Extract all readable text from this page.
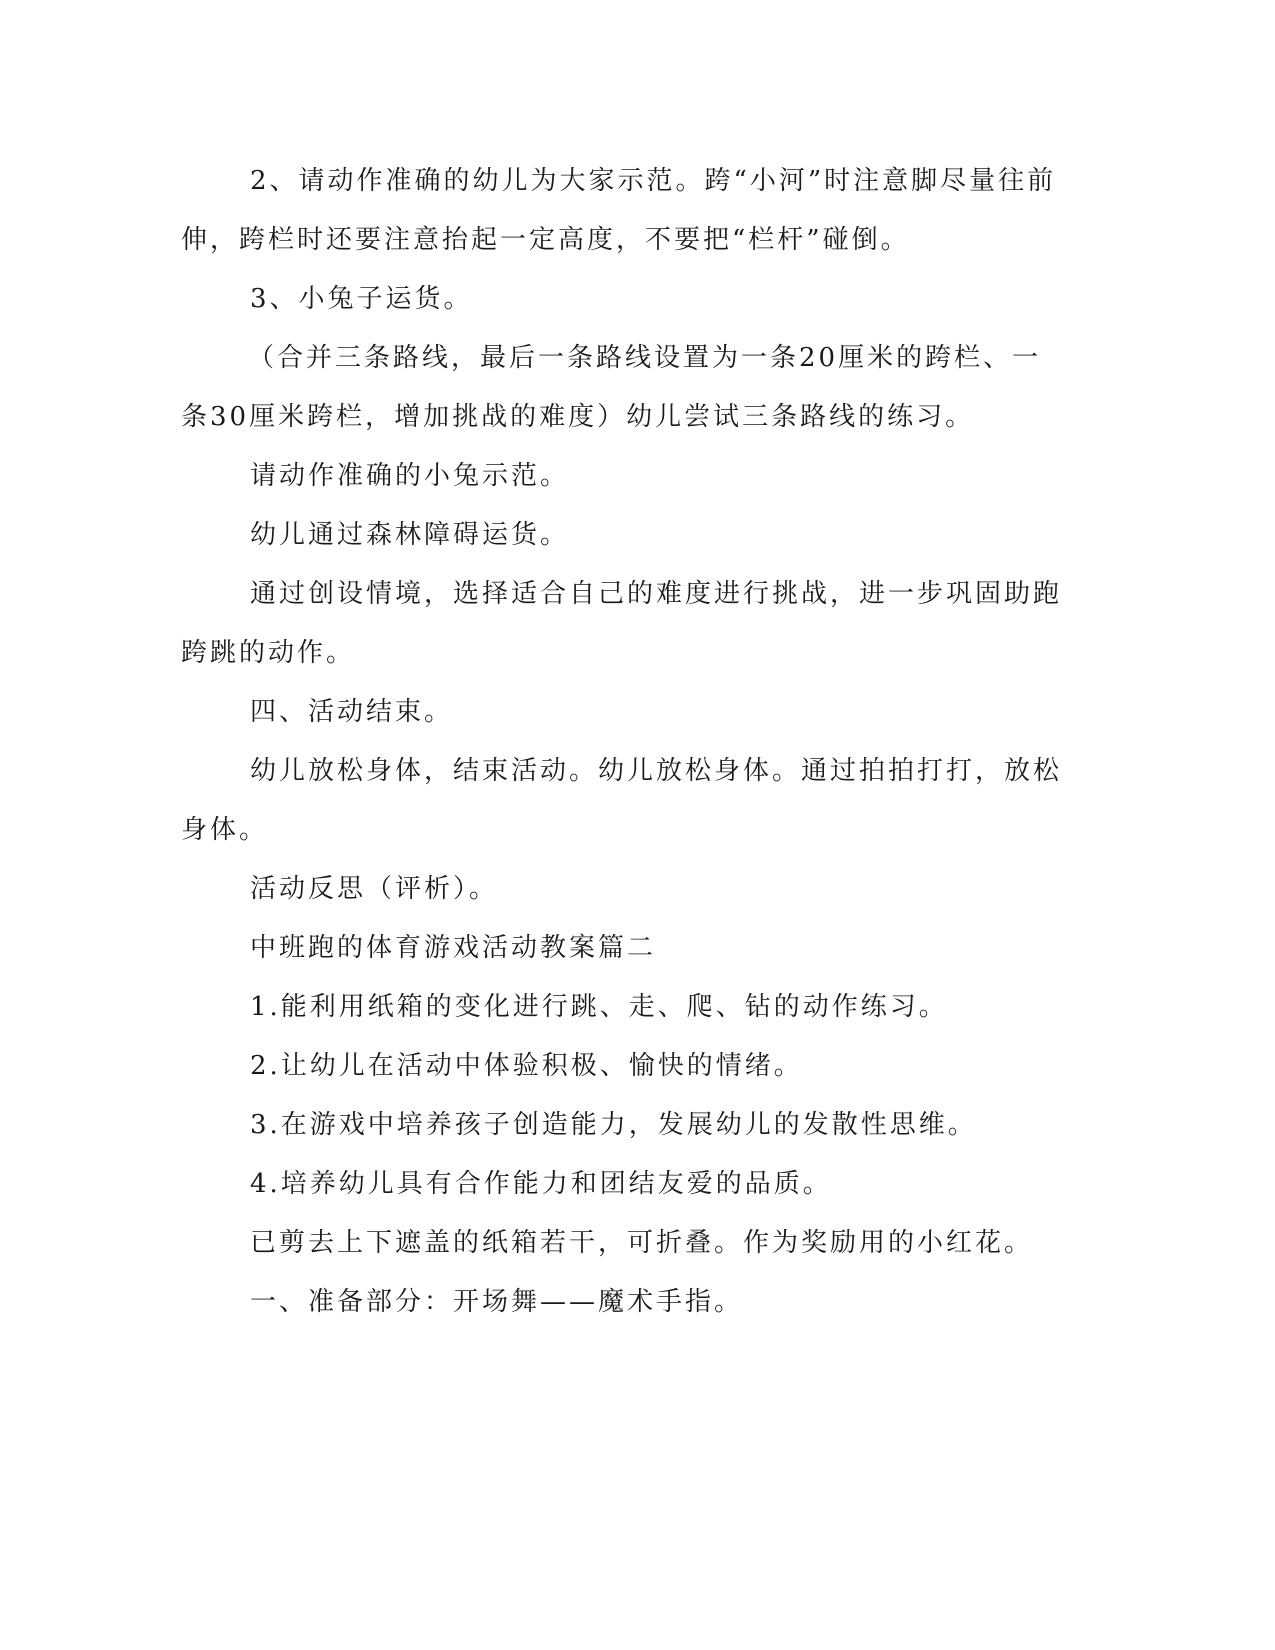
2、请动作准确的幼儿为大家示范。跨“小河”时注意脚尽量往前
伸，跨栏时还要注意抬起一定高度，不要把“栏杆”碰倒。
3、小兔子运货。
（合并三条路线，最后一条路线设置为一条20厘米的跨栏、一
条30厘米跨栏，增加挑战的难度）幼儿尝试三条路线的练习。
请动作准确的小兔示范。
幼儿通过森林障碍运货。
通过创设情境，选择适合自己的难度进行挑战，进一步巩固助跑
跨跳的动作。
四、活动结束。
幼儿放松身体，结束活动。幼儿放松身体。通过拍拍打打，放松
身体。
活动反思（评析）。
中班跑的体育游戏活动教案篇二
1.能利用纸箱的变化进行跳、走、爬、钻的动作练习。
2.让幼儿在活动中体验积极、愉快的情绪。
3.在游戏中培养孩子创造能力，发展幼儿的发散性思维。
4.培养幼儿具有合作能力和团结友爱的品质。
已剪去上下遮盖的纸箱若干，可折叠。作为奖励用的小红花。
一、准备部分：开场舞——魔术手指。
